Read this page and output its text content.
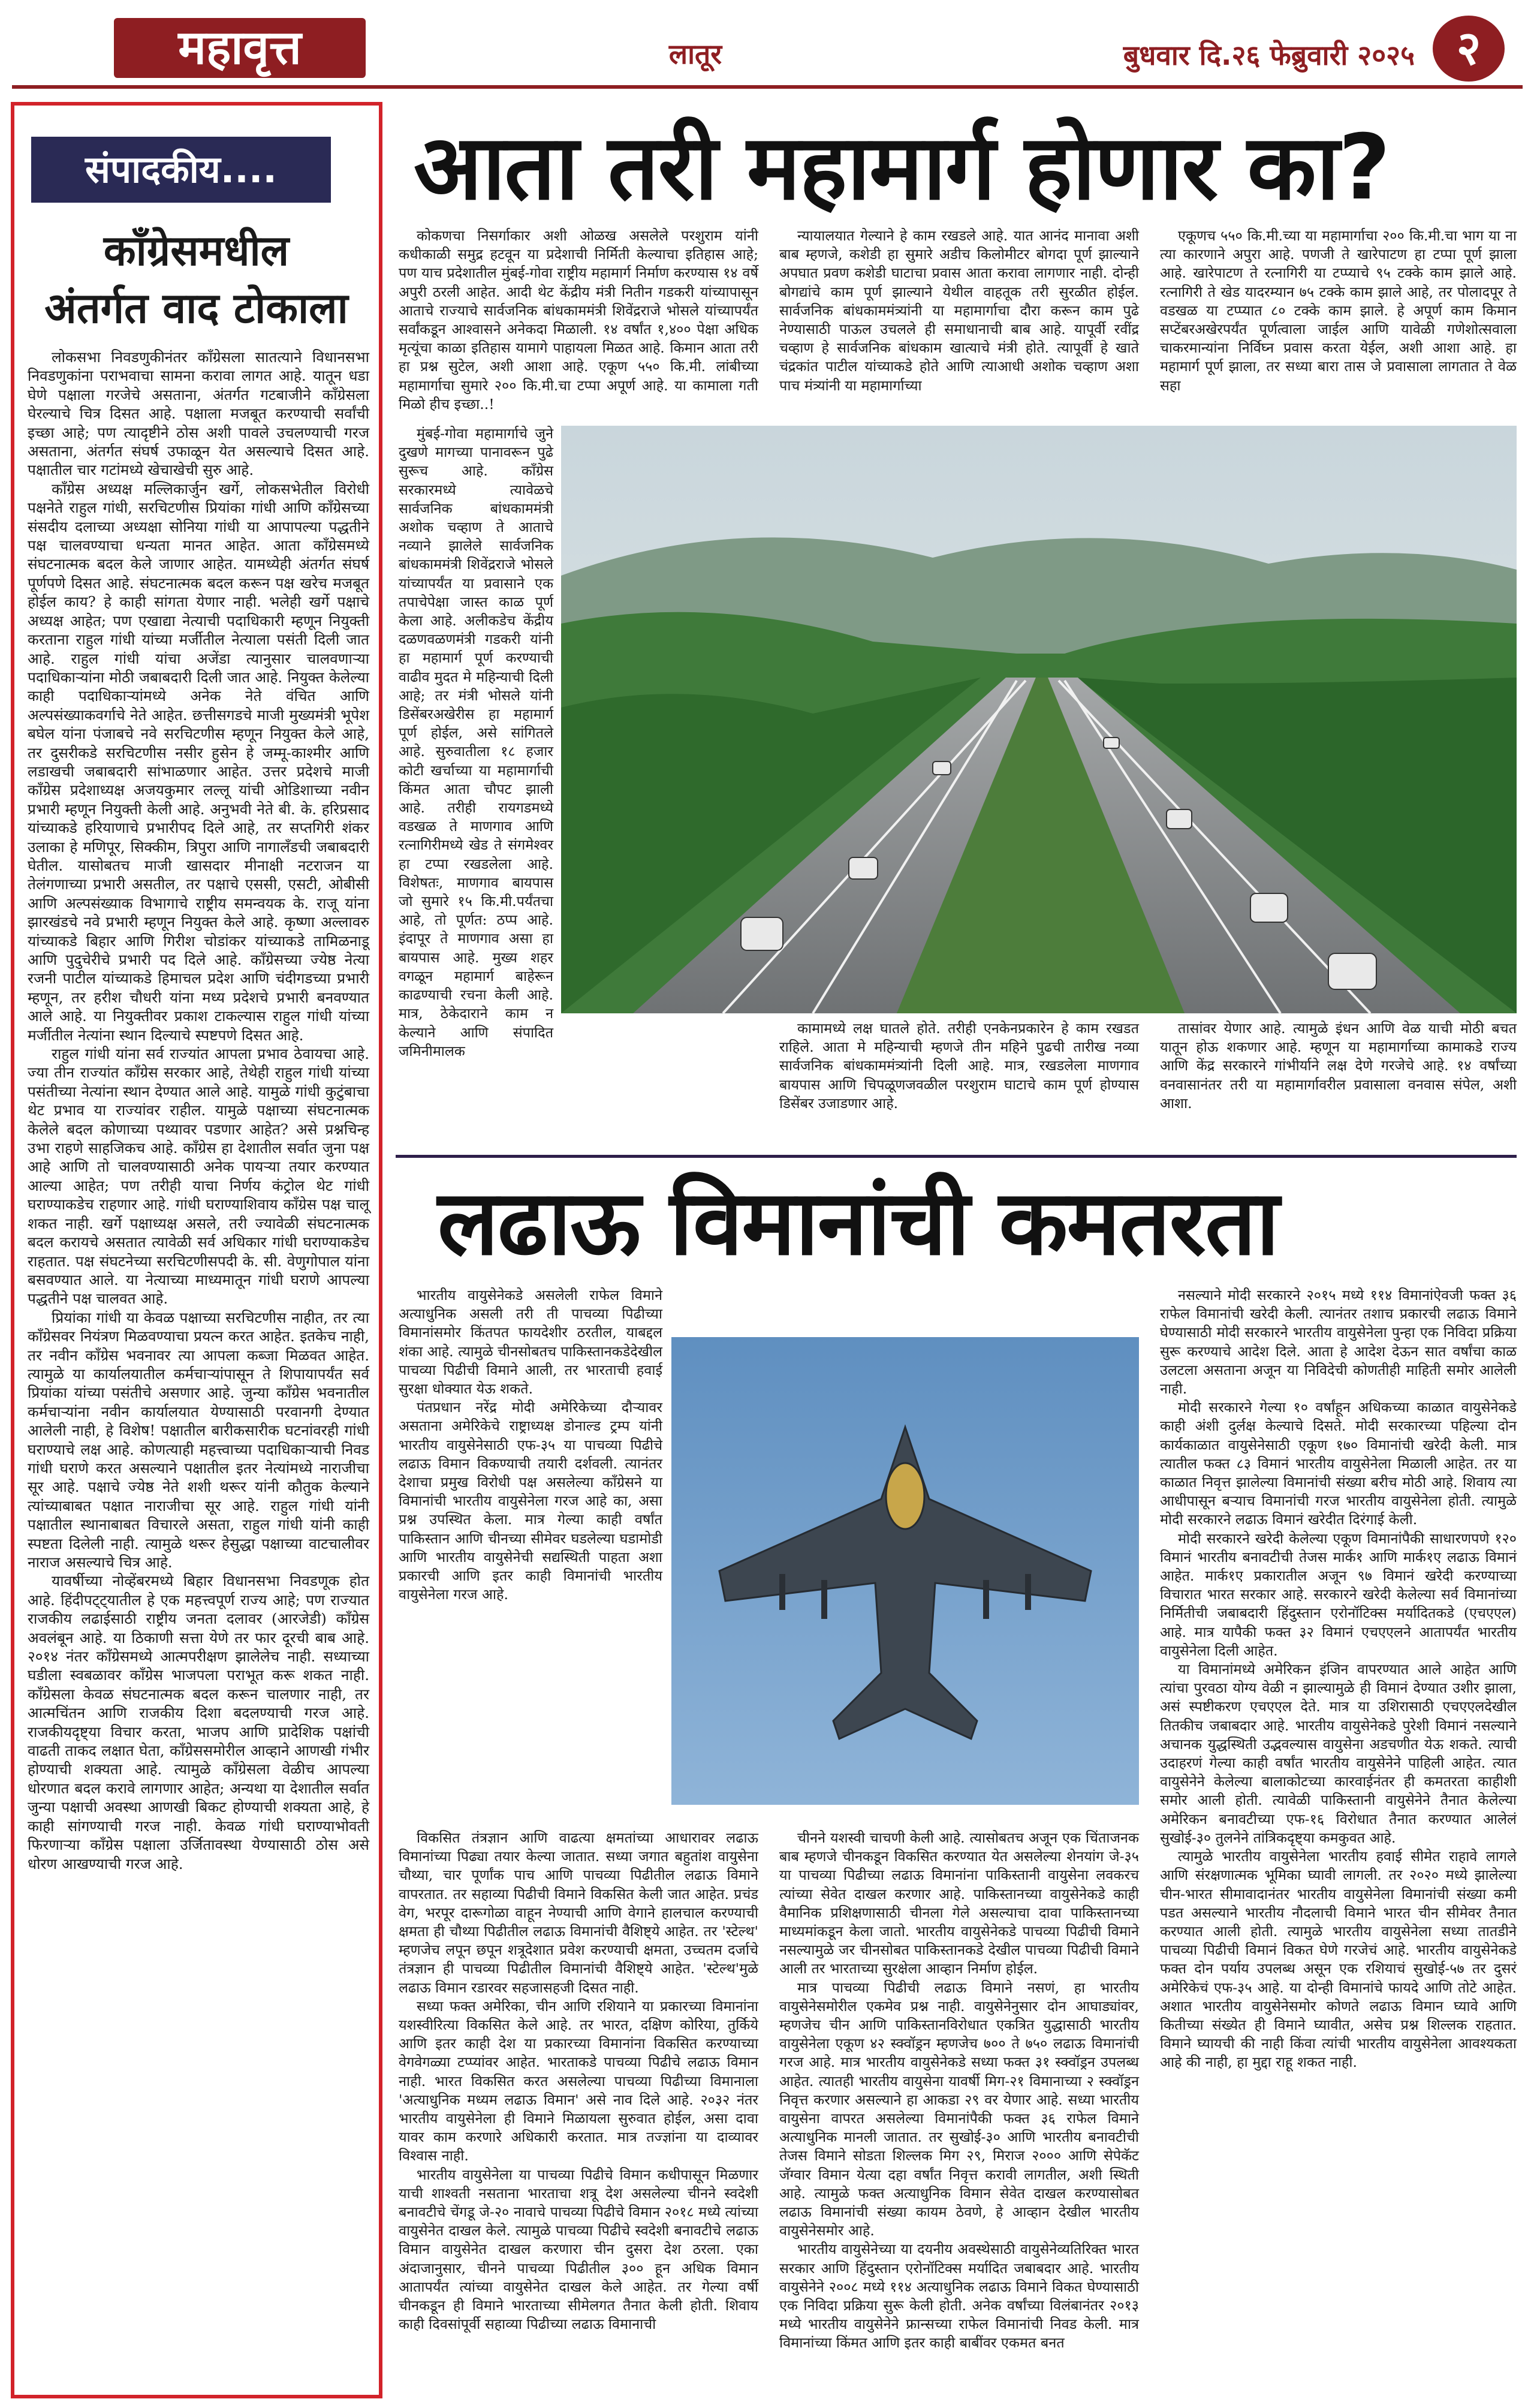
महावृत्त	लातूर	बुधवार दि.२६ फेब्रुवारी २०२५ २
संपादकीय....
काँग्रेसमधील
अंतर्गत वाद टोकाला

लोकसभा निवडणुकीनंतर काँग्रेसला सातत्याने विधानसभा निवडणुकांना पराभवाचा सामना करावा लागत आहे. यातून धडा घेणे पक्षाला गरजेचे असताना, अंतर्गत गटबाजीने काँग्रेसला घेरल्याचे चित्र दिसत आहे. पक्षाला मजबूत करण्याची सर्वांची इच्छा आहे; पण त्यादृष्टीने ठोस अशी पावले उचलण्याची गरज असताना, अंतर्गत संघर्ष उफाळून येत असल्याचे दिसत आहे. पक्षातील चार गटांमध्ये खेचाखेची सुरु आहे.

काँग्रेस अध्यक्ष मल्लिकार्जुन खर्गे, लोकसभेतील विरोधी पक्षनेते राहुल गांधी, सरचिटणीस प्रियांका गांधी आणि काँग्रेसच्या संसदीय दलाच्या अध्यक्षा सोनिया गांधी या आपापल्या पद्धतीने पक्ष चालवण्याचा धन्यता मानत आहेत. आता काँग्रेसमध्ये संघटनात्मक बदल केले जाणार आहेत. यामध्येही अंतर्गत संघर्ष पूर्णपणे दिसत आहे. संघटनात्मक बदल करून पक्ष खरेच मजबूत होईल काय? हे काही सांगता येणार नाही. भलेही खर्गे पक्षाचे अध्यक्ष आहेत; पण एखाद्या नेत्याची पदाधिकारी म्हणून नियुक्ती करताना राहुल गांधी यांच्या मर्जीतील नेत्याला पसंती दिली जात आहे. राहुल गांधी यांचा अजेंडा त्यानुसार चालवणाऱ्या पदाधिकाऱ्यांना मोठी जबाबदारी दिली जात आहे. नियुक्त केलेल्या काही पदाधिकाऱ्यांमध्ये अनेक नेते वंचित आणि अल्पसंख्याकवर्गाचे नेते आहेत. छत्तीसगडचे माजी मुख्यमंत्री भूपेश बघेल यांना पंजाबचे नवे सरचिटणीस म्हणून नियुक्त केले आहे, तर दुसरीकडे सरचिटणीस नसीर हुसेन हे जम्मू-काश्मीर आणि लडाखची जबाबदारी सांभाळणार आहेत. उत्तर प्रदेशचे माजी काँग्रेस प्रदेशाध्यक्ष अजयकुमार लल्लू यांची ओडिशाच्या नवीन प्रभारी म्हणून नियुक्ती केली आहे. अनुभवी नेते बी. के. हरिप्रसाद यांच्याकडे हरियाणाचे प्रभारीपद दिले आहे, तर सप्तगिरी शंकर उलाका हे मणिपूर, सिक्कीम, त्रिपुरा आणि नागालँडची जबाबदारी घेतील. यासोबतच माजी खासदार मीनाक्षी नटराजन या तेलंगणाच्या प्रभारी असतील, तर पक्षाचे एससी, एसटी, ओबीसी आणि अल्पसंख्याक विभागाचे राष्ट्रीय समन्वयक के. राजू यांना झारखंडचे नवे प्रभारी म्हणून नियुक्त केले आहे. कृष्णा अल्लावरु यांच्याकडे बिहार आणि गिरीश चोडांकर यांच्याकडे तामिळनाडू आणि पुदुचेरीचे प्रभारी पद दिले आहे. काँग्रेसच्या ज्येष्ठ नेत्या रजनी पाटील यांच्याकडे हिमाचल प्रदेश आणि चंदीगडच्या प्रभारी म्हणून, तर हरीश चौधरी यांना मध्य प्रदेशचे प्रभारी बनवण्यात आले आहे. या नियुक्तीवर प्रकाश टाकल्यास राहुल गांधी यांच्या मर्जीतील नेत्यांना स्थान दिल्याचे स्पष्टपणे दिसत आहे.

राहुल गांधी यांना सर्व राज्यांत आपला प्रभाव ठेवायचा आहे. ज्या तीन राज्यांत काँग्रेस सरकार आहे, तेथेही राहुल गांधी यांच्या पसंतीच्या नेत्यांना स्थान देण्यात आले आहे. यामुळे गांधी कुटुंबाचा थेट प्रभाव या राज्यांवर राहील. यामुळे पक्षाच्या संघटनात्मक केलेले बदल कोणाच्या पथ्यावर पडणार आहेत? असे प्रश्नचिन्ह उभा राहणे साहजिकच आहे. काँग्रेस हा देशातील सर्वात जुना पक्ष आहे आणि तो चालवण्यासाठी अनेक पायऱ्या तयार करण्यात आल्या आहेत; पण तरीही याचा निर्णय कंट्रोल थेट गांधी घराण्याकडेच राहणार आहे. गांधी घराण्याशिवाय काँग्रेस पक्ष चालू शकत नाही. खर्गे पक्षाध्यक्ष असले, तरी ज्यावेळी संघटनात्मक बदल करायचे असतात त्यावेळी सर्व अधिकार गांधी घराण्याकडेच राहतात. पक्ष संघटनेच्या सरचिटणीसपदी के. सी. वेणुगोपाल यांना बसवण्यात आले. या नेत्याच्या माध्यमातून गांधी घराणे आपल्या पद्धतीने पक्ष चालवत आहे.

प्रियांका गांधी या केवळ पक्षाच्या सरचिटणीस नाहीत, तर त्या काँग्रेसवर नियंत्रण मिळवण्याचा प्रयत्न करत आहेत. इतकेच नाही, तर नवीन काँग्रेस भवनावर त्या आपला कब्जा मिळवत आहेत. त्यामुळे या कार्यालयातील कर्मचाऱ्यांपासून ते शिपायापर्यंत सर्व प्रियांका यांच्या पसंतीचे असणार आहे. जुन्या काँग्रेस भवनातील कर्मचाऱ्यांना नवीन कार्यालयात येण्यासाठी परवानगी देण्यात आलेली नाही, हे विशेष! पक्षातील बारीकसारीक घटनांवरही गांधी घराण्याचे लक्ष आहे. कोणत्याही महत्त्वाच्या पदाधिकाऱ्याची निवड गांधी घराणे करत असल्याने पक्षातील इतर नेत्यांमध्ये नाराजीचा सूर आहे. पक्षाचे ज्येष्ठ नेते शशी थरूर यांनी कौतुक केल्याने त्यांच्याबाबत पक्षात नाराजीचा सूर आहे. राहुल गांधी यांनी पक्षातील स्थानाबाबत विचारले असता, राहुल गांधी यांनी काही स्पष्टता दिलेली नाही. त्यामुळे थरूर हेसुद्धा पक्षाच्या वाटचालीवर नाराज असल्याचे चित्र आहे.

यावर्षीच्या नोव्हेंबरमध्ये बिहार विधानसभा निवडणूक होत आहे. हिंदीपट्ट्यातील हे एक महत्त्वपूर्ण राज्य आहे; पण राज्यात राजकीय लढाईसाठी राष्ट्रीय जनता दलावर (आरजेडी) काँग्रेस अवलंबून आहे. या ठिकाणी सत्ता येणे तर फार दूरची बाब आहे. २०१४ नंतर काँग्रेसमध्ये आत्मपरीक्षण झालेलेच नाही. सध्याच्या घडीला स्वबळावर काँग्रेस भाजपला पराभूत करू शकत नाही. काँग्रेसला केवळ संघटनात्मक बदल करून चालणार नाही, तर आत्मचिंतन आणि राजकीय दिशा बदलण्याची गरज आहे. राजकीयदृष्ट्या विचार करता, भाजप आणि प्रादेशिक पक्षांची वाढती ताकद लक्षात घेता, काँग्रेससमोरील आव्हाने आणखी गंभीर होण्याची शक्यता आहे. त्यामुळे काँग्रेसला वेळीच आपल्या धोरणात बदल करावे लागणार आहेत; अन्यथा या देशातील सर्वात जुन्या पक्षाची अवस्था आणखी बिकट होण्याची शक्यता आहे, हे काही सांगण्याची गरज नाही. केवळ गांधी घराण्याभोवती फिरणाऱ्या काँग्रेस पक्षाला उर्जितावस्था येण्यासाठी ठोस असे धोरण आखण्याची गरज आहे.

आता तरी महामार्ग होणार का?

कोकणचा निसर्गाकार अशी ओळख असलेले परशुराम यांनी कधीकाळी समुद्र हटवून या प्रदेशाची निर्मिती केल्याचा इतिहास आहे; पण याच प्रदेशातील मुंबई-गोवा राष्ट्रीय महामार्ग निर्माण करण्यास १४ वर्षे अपुरी ठरली आहेत. आदी थेट केंद्रीय मंत्री नितीन गडकरी यांच्यापासून आताचे राज्याचे सार्वजनिक बांधकाममंत्री शिवेंद्रराजे भोसले यांच्यापर्यंत सर्वांकडून आश्वासने अनेकदा मिळाली. १४ वर्षांत १,४०० पेक्षा अधिक मृत्यूंचा काळा इतिहास यामागे पाहायला मिळत आहे. किमान आता तरी हा प्रश्न सुटेल, अशी आशा आहे. एकूण ५५० कि.मी. लांबीच्या महामार्गाचा सुमारे २०० कि.मी.चा टप्पा अपूर्ण आहे. या कामाला गती मिळो हीच इच्छा..!

न्यायालयात गेल्याने हे काम रखडले आहे. यात आनंद मानावा अशी बाब म्हणजे, कशेडी हा सुमारे अडीच किलोमीटर बोगदा पूर्ण झाल्याने अपघात प्रवण कशेडी घाटाचा प्रवास आता करावा लागणार नाही. दोन्ही बोगद्यांचे काम पूर्ण झाल्याने येथील वाहतूक तरी सुरळीत होईल. सार्वजनिक बांधकाममंत्र्यांनी या महामार्गाचा दौरा करून काम पुढे नेण्यासाठी पाऊल उचलले ही समाधानाची बाब आहे. यापूर्वी रवींद्र चव्हाण हे सार्वजनिक बांधकाम खात्याचे मंत्री होते. त्यापूर्वी हे खाते चंद्रकांत पाटील यांच्याकडे होते आणि त्याआधी अशोक चव्हाण अशा पाच मंत्र्यांनी या महामार्गाच्या

एकूणच ५५० कि.मी.च्या या महामार्गाचा २०० कि.मी.चा भाग या ना त्या कारणाने अपुरा आहे. पणजी ते खारेपाटण हा टप्पा पूर्ण झाला आहे. खारेपाटण ते रत्नागिरी या टप्प्याचे ९५ टक्के काम झाले आहे. रत्नागिरी ते खेड यादरम्यान ७५ टक्के काम झाले आहे, तर पोलादपूर ते वडखळ या टप्प्यात ८० टक्के काम झाले. हे अपूर्ण काम किमान सप्टेंबरअखेरपर्यंत पूर्णत्वाला जाईल आणि यावेळी गणेशोत्सवाला चाकरमान्यांना निर्विघ्न प्रवास करता येईल, अशी आशा आहे. हा महामार्ग पूर्ण झाला, तर सध्या बारा तास जे प्रवासाला लागतात ते वेळ सहा

मुंबई-गोवा महामार्गाचे जुने दुखणे मागच्या पानावरून पुढे सुरूच आहे. काँग्रेस सरकारमध्ये त्यावेळचे सार्वजनिक बांधकाममंत्री अशोक चव्हाण ते आताचे नव्याने झालेले सार्वजनिक बांधकाममंत्री शिवेंद्रराजे भोसले यांच्यापर्यंत या प्रवासाने एक तपाचेपेक्षा जास्त काळ पूर्ण केला आहे. अलीकडेच केंद्रीय दळणवळणमंत्री गडकरी यांनी हा महामार्ग पूर्ण करण्याची वाढीव मुदत मे महिन्याची दिली आहे; तर मंत्री भोसले यांनी डिसेंबरअखेरीस हा महामार्ग पूर्ण होईल, असे सांगितले आहे. सुरुवातीला १८ हजार कोटी खर्चाच्या या महामार्गाची किंमत आता चौपट झाली आहे. तरीही रायगडमध्ये वडखळ ते माणगाव आणि रत्नागिरीमध्ये खेड ते संगमेश्वर हा टप्पा रखडलेला आहे. विशेषतः, माणगाव बायपास जो सुमारे १५ कि.मी.पर्यंतचा आहे, तो पूर्णत: ठप्प आहे. इंदापूर ते माणगाव असा हा बायपास आहे. मुख्य शहर वगळून महामार्ग बाहेरून काढण्याची रचना केली आहे. मात्र, ठेकेदाराने काम न केल्याने आणि संपादित जमिनीमालक

कामामध्ये लक्ष घातले होते. तरीही एनकेनप्रकारेन हे काम रखडत राहिले. आता मे महिन्याची म्हणजे तीन महिने पुढची तारीख नव्या सार्वजनिक बांधकाममंत्र्यांनी दिली आहे. मात्र, रखडलेला माणगाव बायपास आणि चिपळूणजवळील परशुराम घाटाचे काम पूर्ण होण्यास डिसेंबर उजाडणार आहे.

तासांवर येणार आहे. त्यामुळे इंधन आणि वेळ याची मोठी बचत यातून होऊ शकणार आहे. म्हणून या महामार्गाच्या कामाकडे राज्य आणि केंद्र सरकारने गांभीर्याने लक्ष देणे गरजेचे आहे. १४ वर्षांच्या वनवासानंतर तरी या महामार्गावरील प्रवासाला वनवास संपेल, अशी आशा.

लढाऊ विमानांची कमतरता

भारतीय वायुसेनेकडे असलेली राफेल विमाने अत्याधुनिक असली तरी ती पाचव्या पिढीच्या विमानांसमोर किंतपत फायदेशीर ठरतील, याबद्दल शंका आहे. त्यामुळे चीनसोबतच पाकिस्तानकडेदेखील पाचव्या पिढीची विमाने आली, तर भारताची हवाई सुरक्षा धोक्यात येऊ शकते.

पंतप्रधान नरेंद्र मोदी अमेरिकेच्या दौऱ्यावर असताना अमेरिकेचे राष्ट्राध्यक्ष डोनाल्ड ट्रम्प यांनी भारतीय वायुसेनेसाठी एफ-३५ या पाचव्या पिढीचे लढाऊ विमान विकण्याची तयारी दर्शवली. त्यानंतर देशाचा प्रमुख विरोधी पक्ष असलेल्या काँग्रेसने या विमानांची भारतीय वायुसेनेला गरज आहे का, असा प्रश्न उपस्थित केला. मात्र गेल्या काही वर्षांत पाकिस्तान आणि चीनच्या सीमेवर घडलेल्या घडामोडी आणि भारतीय वायुसेनेची सद्यस्थिती पाहता अशा प्रकारची आणि इतर काही विमानांची भारतीय वायुसेनेला गरज आहे.

विकसित तंत्रज्ञान आणि वाढत्या क्षमतांच्या आधारावर लढाऊ विमानांच्या पिढ्या तयार केल्या जातात. सध्या जगात बहुतांश वायुसेना चौथ्या, चार पूर्णांक पाच आणि पाचव्या पिढीतील लढाऊ विमाने वापरतात. तर सहाव्या पिढीची विमाने विकसित केली जात आहेत. प्रचंड वेग, भरपूर दारूगोळा वाहून नेण्याची आणि वेगाने हालचाल करण्याची क्षमता ही चौथ्या पिढीतील लढाऊ विमानांची वैशिष्ट्ये आहेत. तर 'स्टेल्थ' म्हणजेच लपून छपून शत्रूदेशात प्रवेश करण्याची क्षमता, उच्चतम दर्जाचे तंत्रज्ञान ही पाचव्या पिढीतील विमानांची वैशिष्ट्ये आहेत. 'स्टेल्थ'मुळे लढाऊ विमान रडारवर सहजासहजी दिसत नाही.

सध्या फक्त अमेरिका, चीन आणि रशियाने या प्रकारच्या विमानांना यशस्वीरित्या विकसित केले आहे. तर भारत, दक्षिण कोरिया, तुर्किये आणि इतर काही देश या प्रकारच्या विमानांना विकसित करण्याच्या वेगवेगळ्या टप्प्यांवर आहेत. भारताकडे पाचव्या पिढीचे लढाऊ विमान नाही. भारत विकसित करत असलेल्या पाचव्या पिढीच्या विमानाला 'अत्याधुनिक मध्यम लढाऊ विमान' असे नाव दिले आहे. २०३२ नंतर भारतीय वायुसेनेला ही विमाने मिळायला सुरुवात होईल, असा दावा यावर काम करणारे अधिकारी करतात. मात्र तज्ज्ञांना या दाव्यावर विश्वास नाही.

भारतीय वायुसेनेला या पाचव्या पिढीचे विमान कधीपासून मिळणार याची शाश्वती नसताना भारताचा शत्रू देश असलेल्या चीनने स्वदेशी बनावटीचे चेंगडू जे-२० नावाचे पाचव्या पिढीचे विमान २०१८ मध्ये त्यांच्या वायुसेनेत दाखल केले. त्यामुळे पाचव्या पिढीचे स्वदेशी बनावटीचे लढाऊ विमान वायुसेनेत दाखल करणारा चीन दुसरा देश ठरला. एका अंदाजानुसार, चीनने पाचव्या पिढीतील ३०० हून अधिक विमान आतापर्यंत त्यांच्या वायुसेनेत दाखल केले आहेत. तर गेल्या वर्षी चीनकडून ही विमाने भारताच्या सीमेलगत तैनात केली होती. शिवाय काही दिवसांपूर्वी सहाव्या पिढीच्या लढाऊ विमानाची

चीनने यशस्वी चाचणी केली आहे. त्यासोबतच अजून एक चिंताजनक बाब म्हणजे चीनकडून विकसित करण्यात येत असलेल्या शेनयांग जे-३५ या पाचव्या पिढीच्या लढाऊ विमानांना पाकिस्तानी वायुसेना लवकरच त्यांच्या सेवेत दाखल करणार आहे. पाकिस्तानच्या वायुसेनेकडे काही वैमानिक प्रशिक्षणासाठी चीनला गेले असल्याचा दावा पाकिस्तानच्या माध्यमांकडून केला जातो. भारतीय वायुसेनेकडे पाचव्या पिढीची विमाने नसल्यामुळे जर चीनसोबत पाकिस्तानकडे देखील पाचव्या पिढीची विमाने आली तर भारताच्या सुरक्षेला आव्हान निर्माण होईल.

मात्र पाचव्या पिढीची लढाऊ विमाने नसणं, हा भारतीय वायुसेनेसमोरील एकमेव प्रश्न नाही. वायुसेनेनुसार दोन आघाड्यांवर, म्हणजेच चीन आणि पाकिस्तानविरोधात एकत्रित युद्धासाठी भारतीय वायुसेनेला एकूण ४२ स्क्वॉड्रन म्हणजेच ७०० ते ७५० लढाऊ विमानांची गरज आहे. मात्र भारतीय वायुसेनेकडे सध्या फक्त ३१ स्क्वॉड्रन उपलब्ध आहेत. त्यातही भारतीय वायुसेना यावर्षी मिग-२१ विमानाच्या २ स्क्वॉड्रन निवृत्त करणार असल्याने हा आकडा २९ वर येणार आहे. सध्या भारतीय वायुसेना वापरत असलेल्या विमानांपैकी फक्त ३६ राफेल विमाने अत्याधुनिक मानली जातात. तर सुखोई-३० आणि भारतीय बनावटीची तेजस विमाने सोडता शिल्लक मिग २९, मिराज २००० आणि सेपेकॅट जॅग्वार विमान येत्या दहा वर्षांत निवृत्त करावी लागतील, अशी स्थिती आहे. त्यामुळे फक्त अत्याधुनिक विमान सेवेत दाखल करण्यासोबत लढाऊ विमानांची संख्या कायम ठेवणे, हे आव्हान देखील भारतीय वायुसेनेसमोर आहे.

भारतीय वायुसेनेच्या या दयनीय अवस्थेसाठी वायुसेनेव्यतिरिक्त भारत सरकार आणि हिंदुस्तान एरोनॉटिक्स मर्यादित जबाबदार आहे. भारतीय वायुसेनेने २००८ मध्ये ११४ अत्याधुनिक लढाऊ विमाने विकत घेण्यासाठी एक निविदा प्रक्रिया सुरू केली होती. अनेक वर्षांच्या विलंबानंतर २०१३ मध्ये भारतीय वायुसेनेने फ्रान्सच्या राफेल विमानांची निवड केली. मात्र विमानांच्या किंमत आणि इतर काही बाबींवर एकमत बनत

नसल्याने मोदी सरकारने २०१५ मध्ये ११४ विमानांऐवजी फक्त ३६ राफेल विमानांची खरेदी केली. त्यानंतर तशाच प्रकारची लढाऊ विमाने घेण्यासाठी मोदी सरकारने भारतीय वायुसेनेला पुन्हा एक निविदा प्रक्रिया सुरू करण्याचे आदेश दिले. आता हे आदेश देऊन सात वर्षांचा काळ उलटला असताना अजून या निविदेची कोणतीही माहिती समोर आलेली नाही.

मोदी सरकारने गेल्या १० वर्षांहून अधिकच्या काळात वायुसेनेकडे काही अंशी दुर्लक्ष केल्याचे दिसते. मोदी सरकारच्या पहिल्या दोन कार्यकाळात वायुसेनेसाठी एकूण १७० विमानांची खरेदी केली. मात्र त्यातील फक्त ८३ विमानं भारतीय वायुसेनेला मिळाली आहेत. तर या काळात निवृत्त झालेल्या विमानांची संख्या बरीच मोठी आहे. शिवाय त्या आधीपासून बऱ्याच विमानांची गरज भारतीय वायुसेनेला होती. त्यामुळे मोदी सरकारने लढाऊ विमानं खरेदीत दिरंगाई केली.

मोदी सरकारने खरेदी केलेल्या एकूण विमानांपैकी साधारणपणे १२० विमानं भारतीय बनावटीची तेजस मार्क१ आणि मार्क१ए लढाऊ विमानं आहेत. मार्क१ए प्रकारातील अजून ९७ विमानं खरेदी करण्याच्या विचारात भारत सरकार आहे. सरकारने खरेदी केलेल्या सर्व विमानांच्या निर्मितीची जबाबदारी हिंदुस्तान एरोनॉटिक्स मर्यादितकडे (एचएएल) आहे. मात्र यापैकी फक्त ३२ विमानं एचएएलने आतापर्यंत भारतीय वायुसेनेला दिली आहेत.

या विमानांमध्ये अमेरिकन इंजिन वापरण्यात आले आहेत आणि त्यांचा पुरवठा योग्य वेळी न झाल्यामुळे ही विमानं देण्यात उशीर झाला, असं स्पष्टीकरण एचएएल देते. मात्र या उशिरासाठी एचएएलदेखील तितकीच जबाबदार आहे. भारतीय वायुसेनेकडे पुरेशी विमानं नसल्याने अचानक युद्धस्थिती उद्भवल्यास वायुसेना अडचणीत येऊ शकते. त्याची उदाहरणं गेल्या काही वर्षांत भारतीय वायुसेनेने पाहिली आहेत. त्यात वायुसेनेने केलेल्या बालाकोटच्या कारवाईनंतर ही कमतरता काहीशी समोर आली होती. त्यावेळी पाकिस्तानी वायुसेनेने तैनात केलेल्या अमेरिकन बनावटीच्या एफ-१६ विरोधात तैनात करण्यात आलेलं सुखोई-३० तुलनेने तांत्रिकदृष्ट्या कमकुवत आहे.

त्यामुळे भारतीय वायुसेनेला भारतीय हवाई सीमेत राहावे लागले आणि संरक्षणात्मक भूमिका घ्यावी लागली. तर २०२० मध्ये झालेल्या चीन-भारत सीमावादानंतर भारतीय वायुसेनेला विमानांची संख्या कमी पडत असल्याने भारतीय नौदलाची विमाने भारत चीन सीमेवर तैनात करण्यात आली होती. त्यामुळे भारतीय वायुसेनेला सध्या तातडीने पाचव्या पिढीची विमानं विकत घेणे गरजेचं आहे. भारतीय वायुसेनेकडे फक्त दोन पर्याय उपलब्ध असून एक रशियाचं सुखोई-५७ तर दुसरं अमेरिकेचं एफ-३५ आहे. या दोन्ही विमानांचे फायदे आणि तोटे आहेत. अशात भारतीय वायुसेनेसमोर कोणते लढाऊ विमान घ्यावे आणि कितीच्या संख्येत ही विमाने घ्यावीत, असेच प्रश्न शिल्लक राहतात. विमाने घ्यायची की नाही किंवा त्यांची भारतीय वायुसेनेला आवश्यकता आहे की नाही, हा मुद्दा राहू शकत नाही.
